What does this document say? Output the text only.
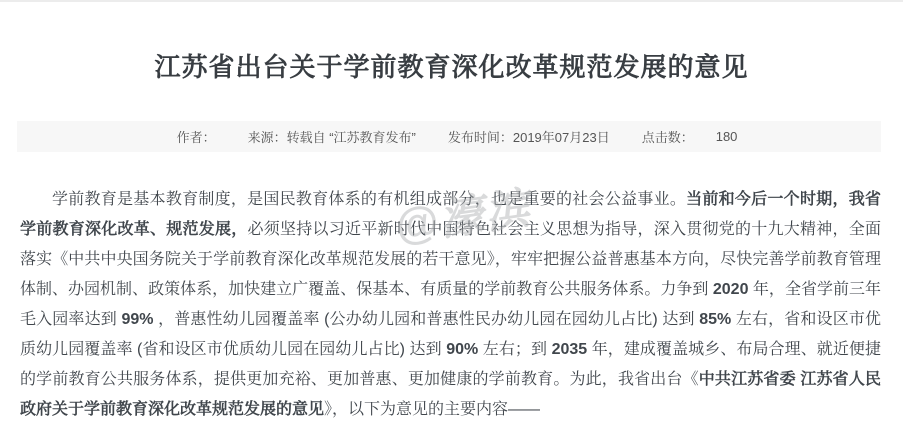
江苏省出台关于学前教育深化改革规范发展的意见
作者： 来源：转载自 “江苏教育发布” 发布时间：2019年07月23日 点击数： 180

学前教育是基本教育制度，是国民教育体系的有机组成部分，也是重要的社会公益事业。当前和今后一个时期，我省学前教育深化改革、规范发展，必须坚持以习近平新时代中国特色社会主义思想为指导，深入贯彻党的十九大精神，全面落实《中共中央国务院关于学前教育深化改革规范发展的若干意见》，牢牢把握公益普惠基本方向，尽快完善学前教育管理体制、办园机制、政策体系，加快建立广覆盖、保基本、有质量的学前教育公共服务体系。力争到 2020 年，全省学前三年毛入园率达到 99% ，普惠性幼儿园覆盖率 (公办幼儿园和普惠性民办幼儿园在园幼儿占比) 达到 85% 左右，省和设区市优质幼儿园覆盖率 (省和设区市优质幼儿园在园幼儿占比) 达到 90% 左右；到 2035 年，建成覆盖城乡、布局合理、就近便捷的学前教育公共服务体系，提供更加充裕、更加普惠、更加健康的学前教育。为此，我省出台《中共江苏省委 江苏省人民政府关于学前教育深化改革规范发展的意见》，以下为意见的主要内容——

@濠滨
